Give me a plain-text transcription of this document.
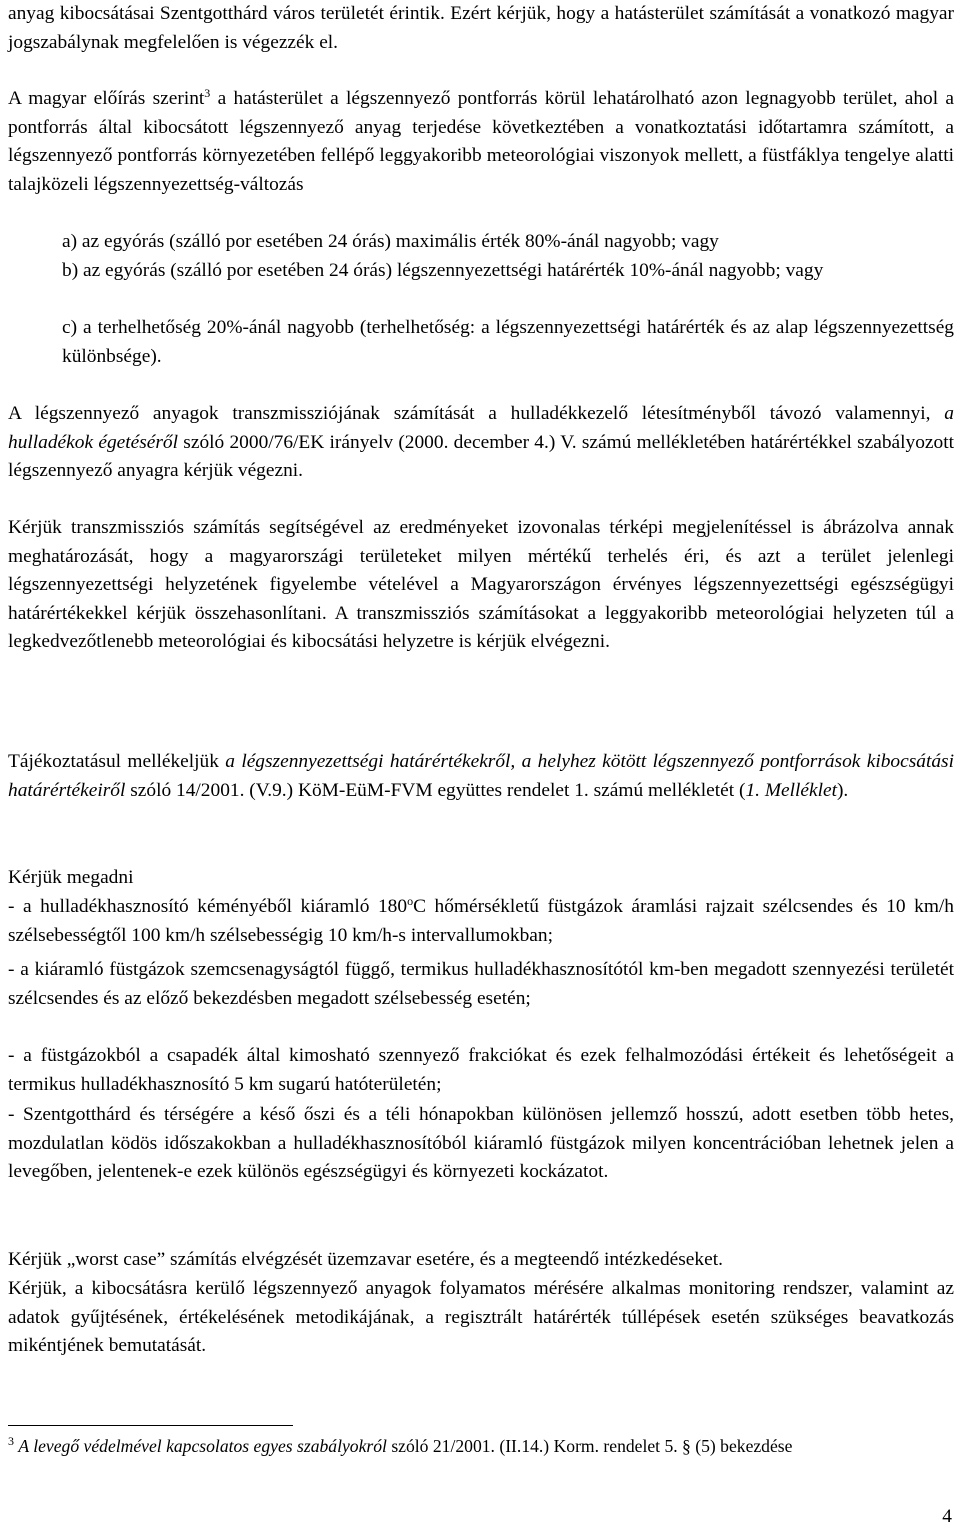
anyag kibocsátásai Szentgotthárd város területét érintik. Ezért kérjük, hogy a hatásterület számítását a vonatkozó magyar jogszabálynak megfelelően is végezzék el.

A magyar előírás szerint$^3$ a hatásterület a légszennyező pontforrás körül lehatárolható azon legnagyobb terület, ahol a pontforrás által kibocsátott légszennyező anyag terjedése következtében a vonatkoztatási időtartamra számított, a légszennyező pontforrás környezetében fellépő leggyakoribb meteorológiai viszonyok mellett, a füstfáklya tengelye alatti talajközeli légszennyezettség-változás

a) az egyórás (szálló por esetében 24 órás) maximális érték 80%-ánál nagyobb; vagy

b) az egyórás (szálló por esetében 24 órás) légszennyezettségi határérték 10%-ánál nagyobb; vagy

c) a terhelhetőség 20%-ánál nagyobb (terhelhetőség: a légszennyezettségi határérték és az alap légszennyezettség különbsége).

A légszennyező anyagok transzmissziójának számítását a hulladékkezelő létesítményből távozó valamennyi, a hulladékok égetéséről szóló 2000/76/EK irányelv (2000. december 4.) V. számú mellékletében határértékkel szabályozott légszennyező anyagra kérjük végezni.

Kérjük transzmissziós számítás segítségével az eredményeket izovonalas térképi megjelenítéssel is ábrázolva annak meghatározását, hogy a magyarországi területeket milyen mértékű terhelés éri, és azt a terület jelenlegi légszennyezettségi helyzetének figyelembe vételével a Magyarországon érvényes légszennyezettségi egészségügyi határértékekkel kérjük összehasonlítani. A transzmissziós számításokat a leggyakoribb meteorológiai helyzeten túl a legkedvezőtlenebb meteorológiai és kibocsátási helyzetre is kérjük elvégezni.

Tájékoztatásul mellékeljük a légszennyezettségi határértékekről, a helyhez kötött légszennyező pontforrások kibocsátási határértékeiről szóló 14/2001. (V.9.) KöM-EüM-FVM együttes rendelet 1. számú mellékletét (1. Melléklet).

Kérjük megadni

- a hulladékhasznosító kéményéből kiáramló 180$^o$C hőmérsékletű füstgázok áramlási rajzait szélcsendes és 10 km/h szélsebességtől 100 km/h szélsebességig 10 km/h-s intervallumokban;

- a kiáramló füstgázok szemcsenagyságtól függő, termikus hulladékhasznosítótól km-ben megadott szennyezési területét szélcsendes és az előző bekezdésben megadott szélsebesség esetén;

- a füstgázokból a csapadék által kimosható szennyező frakciókat és ezek felhalmozódási értékeit és lehetőségeit a termikus hulladékhasznosító 5 km sugarú hatóterületén;

- Szentgotthárd és térségére a késő őszi és a téli hónapokban különösen jellemző hosszú, adott esetben több hetes, mozdulatlan ködös időszakokban a hulladékhasznosítóból kiáramló füstgázok milyen koncentrációban lehetnek jelen a levegőben, jelentenek-e ezek különös egészségügyi és környezeti kockázatot.

Kérjük „worst case” számítás elvégzését üzemzavar esetére, és a megteendő intézkedéseket.

Kérjük, a kibocsátásra kerülő légszennyező anyagok folyamatos mérésére alkalmas monitoring rendszer, valamint az adatok gyűjtésének, értékelésének metodikájának, a regisztrált határérték túllépések esetén szükséges beavatkozás mikéntjének bemutatását.

$^3$ A levegő védelmével kapcsolatos egyes szabályokról szóló 21/2001. (II.14.) Korm. rendelet 5. § (5) bekezdése

4
